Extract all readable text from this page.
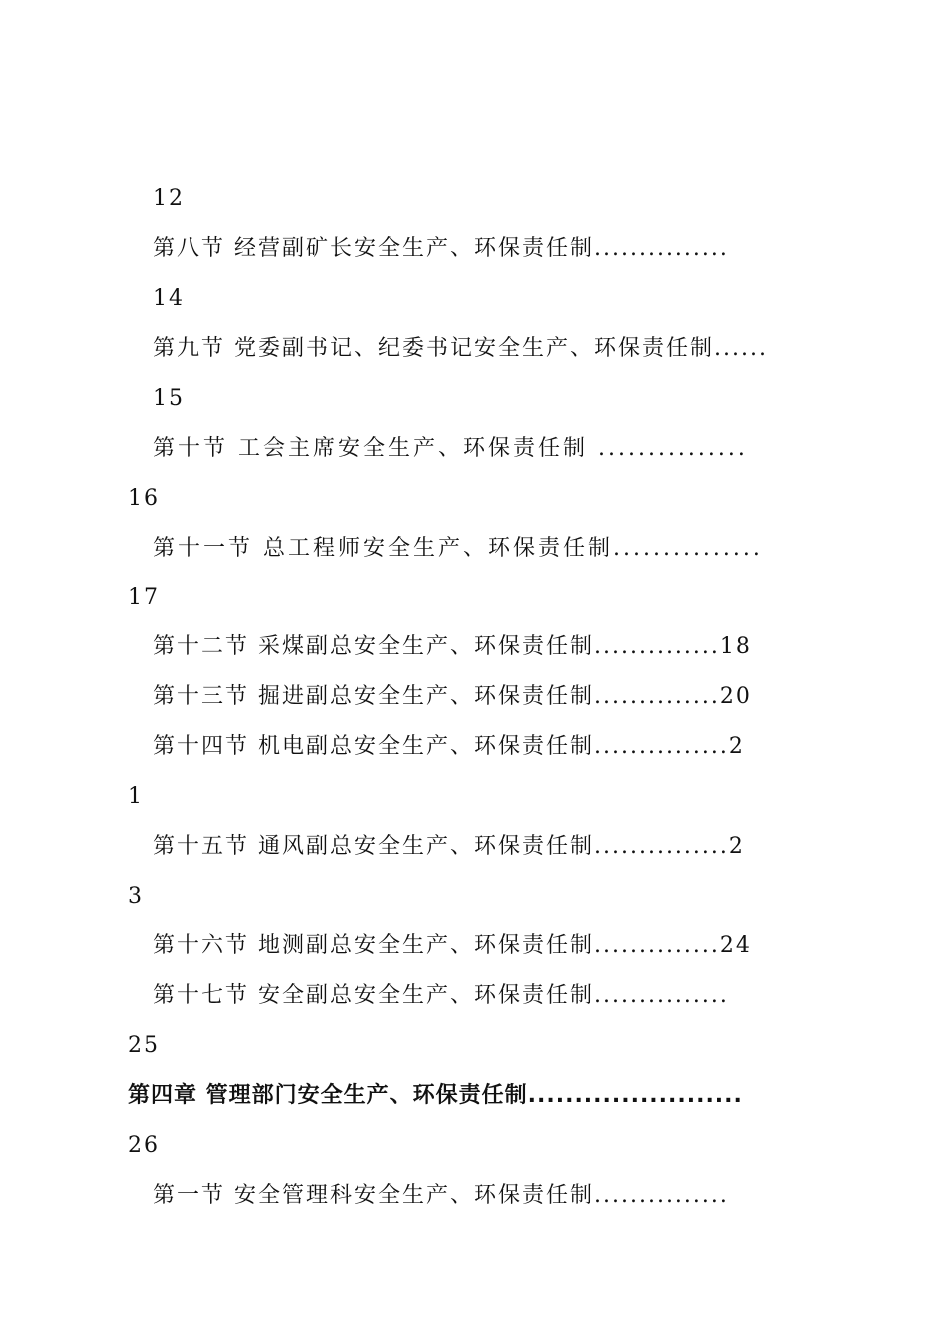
12
第八节 经营副矿长安全生产、环保责任制...............
14
第九节 党委副书记、纪委书记安全生产、环保责任制......
15
第十节 工会主席安全生产、环保责任制 ...............
16
第十一节 总工程师安全生产、环保责任制...............
17
第十二节 采煤副总安全生产、环保责任制..............18
第十三节 掘进副总安全生产、环保责任制..............20
第十四节 机电副总安全生产、环保责任制...............2
1
第十五节 通风副总安全生产、环保责任制...............2
3
第十六节 地测副总安全生产、环保责任制..............24
第十七节 安全副总安全生产、环保责任制...............
25
第四章 管理部门安全生产、环保责任制.......................
26
第一节 安全管理科安全生产、环保责任制...............
